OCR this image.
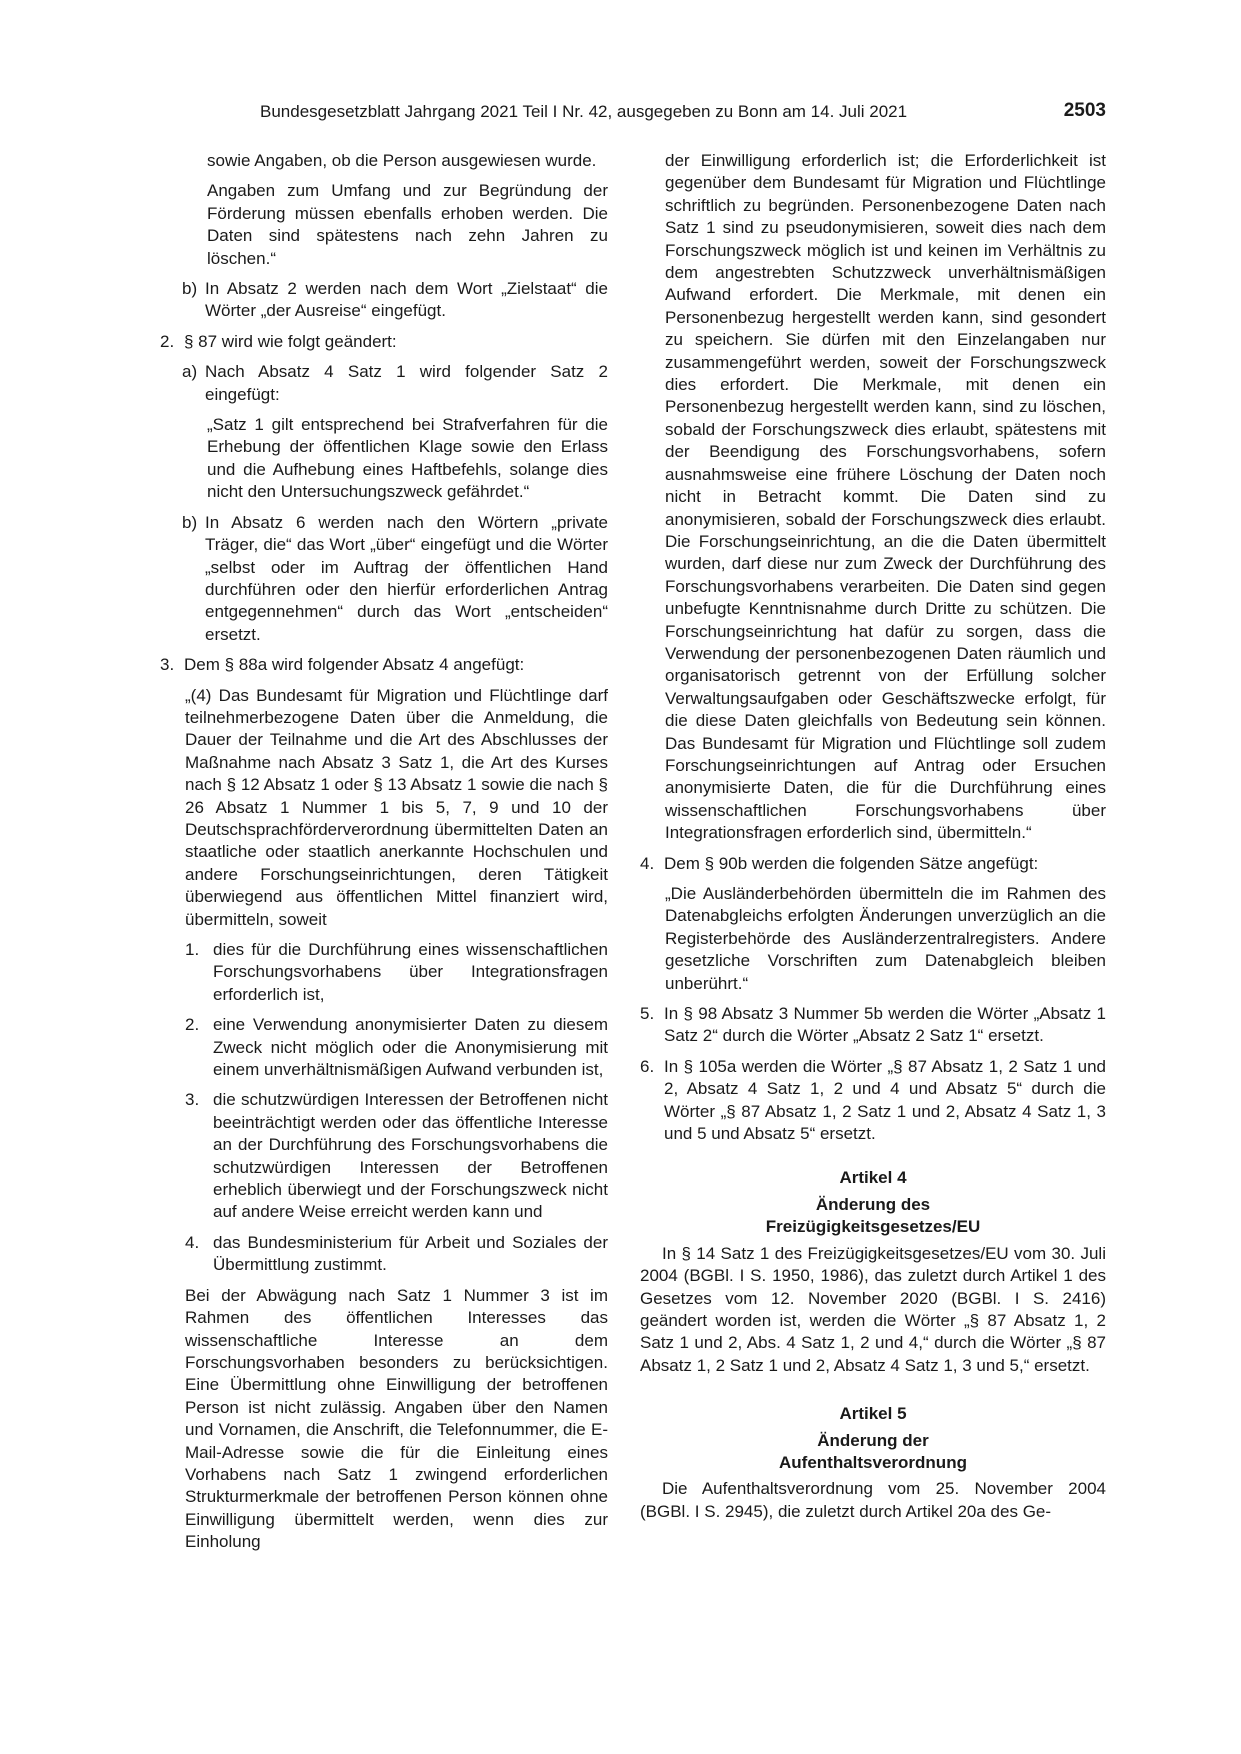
Bundesgesetzblatt Jahrgang 2021 Teil I Nr. 42, ausgegeben zu Bonn am 14. Juli 2021	2503

sowie Angaben, ob die Person ausgewiesen wurde.

Angaben zum Umfang und zur Begründung der Förderung müssen ebenfalls erhoben werden. Die Daten sind spätestens nach zehn Jahren zu löschen.“

b) In Absatz 2 werden nach dem Wort „Zielstaat“ die Wörter „der Ausreise“ eingefügt.
2. § 87 wird wie folgt geändert:
a) Nach Absatz 4 Satz 1 wird folgender Satz 2 eingefügt:

„Satz 1 gilt entsprechend bei Strafverfahren für die Erhebung der öffentlichen Klage sowie den Erlass und die Aufhebung eines Haftbefehls, solange dies nicht den Untersuchungszweck gefährdet.“

b) In Absatz 6 werden nach den Wörtern „private Träger, die“ das Wort „über“ eingefügt und die Wörter „selbst oder im Auftrag der öffentlichen Hand durchführen oder den hierfür erforderlichen Antrag entgegennehmen“ durch das Wort „entscheiden“ ersetzt.
3. Dem § 88a wird folgender Absatz 4 angefügt:

„(4) Das Bundesamt für Migration und Flüchtlinge darf teilnehmerbezogene Daten über die Anmeldung, die Dauer der Teilnahme und die Art des Abschlusses der Maßnahme nach Absatz 3 Satz 1, die Art des Kurses nach § 12 Absatz 1 oder § 13 Absatz 1 sowie die nach § 26 Absatz 1 Nummer 1 bis 5, 7, 9 und 10 der Deutschsprachförderverordnung übermittelten Daten an staatliche oder staatlich anerkannte Hochschulen und andere Forschungseinrichtungen, deren Tätigkeit überwiegend aus öffentlichen Mittel finanziert wird, übermitteln, soweit

1. dies für die Durchführung eines wissenschaftlichen Forschungsvorhabens über Integrationsfragen erforderlich ist,
2. eine Verwendung anonymisierter Daten zu diesem Zweck nicht möglich oder die Anonymisierung mit einem unverhältnismäßigen Aufwand verbunden ist,
3. die schutzwürdigen Interessen der Betroffenen nicht beeinträchtigt werden oder das öffentliche Interesse an der Durchführung des Forschungsvorhabens die schutzwürdigen Interessen der Betroffenen erheblich überwiegt und der Forschungszweck nicht auf andere Weise erreicht werden kann und
4. das Bundesministerium für Arbeit und Soziales der Übermittlung zustimmt.

Bei der Abwägung nach Satz 1 Nummer 3 ist im Rahmen des öffentlichen Interesses das wissenschaftliche Interesse an dem Forschungsvorhaben besonders zu berücksichtigen. Eine Übermittlung ohne Einwilligung der betroffenen Person ist nicht zulässig. Angaben über den Namen und Vornamen, die Anschrift, die Telefonnummer, die E-Mail-Adresse sowie die für die Einleitung eines Vorhabens nach Satz 1 zwingend erforderlichen Strukturmerkmale der betroffenen Person können ohne Einwilligung übermittelt werden, wenn dies zur Einholung

der Einwilligung erforderlich ist; die Erforderlichkeit ist gegenüber dem Bundesamt für Migration und Flüchtlinge schriftlich zu begründen. Personenbezogene Daten nach Satz 1 sind zu pseudonymisieren, soweit dies nach dem Forschungszweck möglich ist und keinen im Verhältnis zu dem angestrebten Schutzzweck unverhältnismäßigen Aufwand erfordert. Die Merkmale, mit denen ein Personenbezug hergestellt werden kann, sind gesondert zu speichern. Sie dürfen mit den Einzelangaben nur zusammengeführt werden, soweit der Forschungszweck dies erfordert. Die Merkmale, mit denen ein Personenbezug hergestellt werden kann, sind zu löschen, sobald der Forschungszweck dies erlaubt, spätestens mit der Beendigung des Forschungsvorhabens, sofern ausnahmsweise eine frühere Löschung der Daten noch nicht in Betracht kommt. Die Daten sind zu anonymisieren, sobald der Forschungszweck dies erlaubt. Die Forschungseinrichtung, an die die Daten übermittelt wurden, darf diese nur zum Zweck der Durchführung des Forschungsvorhabens verarbeiten. Die Daten sind gegen unbefugte Kenntnisnahme durch Dritte zu schützen. Die Forschungseinrichtung hat dafür zu sorgen, dass die Verwendung der personenbezogenen Daten räumlich und organisatorisch getrennt von der Erfüllung solcher Verwaltungsaufgaben oder Geschäftszwecke erfolgt, für die diese Daten gleichfalls von Bedeutung sein können. Das Bundesamt für Migration und Flüchtlinge soll zudem Forschungseinrichtungen auf Antrag oder Ersuchen anonymisierte Daten, die für die Durchführung eines wissenschaftlichen Forschungsvorhabens über Integrationsfragen erforderlich sind, übermitteln.“

4. Dem § 90b werden die folgenden Sätze angefügt:

„Die Ausländerbehörden übermitteln die im Rahmen des Datenabgleichs erfolgten Änderungen unverzüglich an die Registerbehörde des Ausländerzentralregisters. Andere gesetzliche Vorschriften zum Datenabgleich bleiben unberührt.“

5. In § 98 Absatz 3 Nummer 5b werden die Wörter „Absatz 1 Satz 2“ durch die Wörter „Absatz 2 Satz 1“ ersetzt.
6. In § 105a werden die Wörter „§ 87 Absatz 1, 2 Satz 1 und 2, Absatz 4 Satz 1, 2 und 4 und Absatz 5“ durch die Wörter „§ 87 Absatz 1, 2 Satz 1 und 2, Absatz 4 Satz 1, 3 und 5 und Absatz 5“ ersetzt.

Artikel 4

Änderung des

Freizügigkeitsgesetzes/EU

In § 14 Satz 1 des Freizügigkeitsgesetzes/EU vom 30. Juli 2004 (BGBl. I S. 1950, 1986), das zuletzt durch Artikel 1 des Gesetzes vom 12. November 2020 (BGBl. I S. 2416) geändert worden ist, werden die Wörter „§ 87 Absatz 1, 2 Satz 1 und 2, Abs. 4 Satz 1, 2 und 4,“ durch die Wörter „§ 87 Absatz 1, 2 Satz 1 und 2, Absatz 4 Satz 1, 3 und 5,“ ersetzt.

Artikel 5

Änderung der

Aufenthaltsverordnung

Die Aufenthaltsverordnung vom 25. November 2004 (BGBl. I S. 2945), die zuletzt durch Artikel 20a des Ge-
